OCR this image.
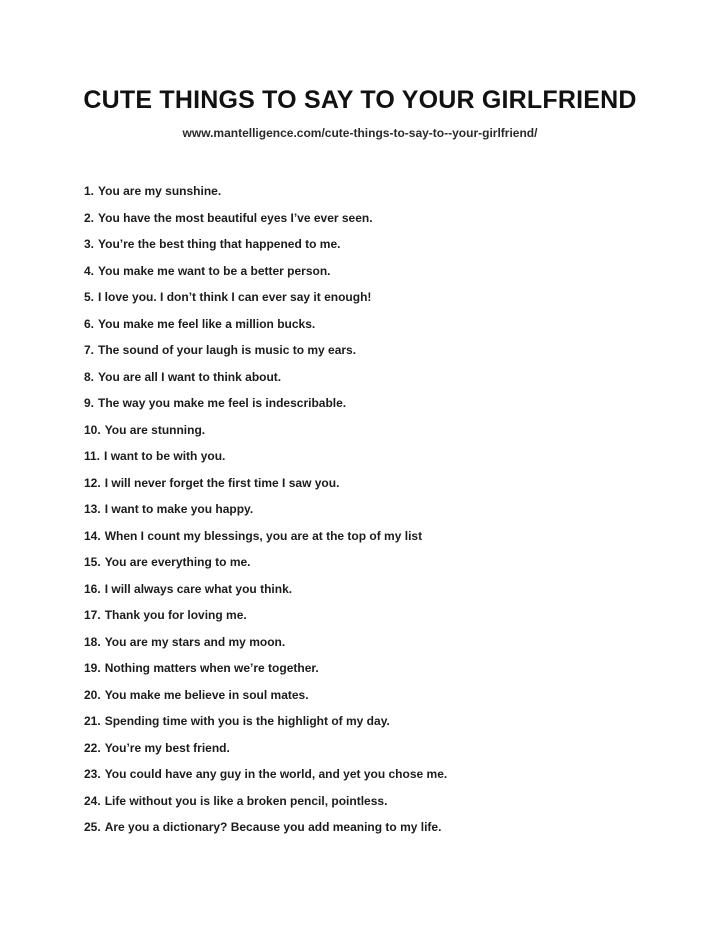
CUTE THINGS TO SAY TO YOUR GIRLFRIEND
www.mantelligence.com/cute-things-to-say-to--your-girlfriend/
1. You are my sunshine.
2. You have the most beautiful eyes I’ve ever seen.
3. You’re the best thing that happened to me.
4. You make me want to be a better person.
5. I love you. I don’t think I can ever say it enough!
6. You make me feel like a million bucks.
7. The sound of your laugh is music to my ears.
8. You are all I want to think about.
9. The way you make me feel is indescribable.
10. You are stunning.
11. I want to be with you.
12. I will never forget the first time I saw you.
13. I want to make you happy.
14. When I count my blessings, you are at the top of my list
15. You are everything to me.
16. I will always care what you think.
17. Thank you for loving me.
18. You are my stars and my moon.
19. Nothing matters when we’re together.
20. You make me believe in soul mates.
21. Spending time with you is the highlight of my day.
22. You’re my best friend.
23. You could have any guy in the world, and yet you chose me.
24. Life without you is like a broken pencil, pointless.
25. Are you a dictionary? Because you add meaning to my life.
